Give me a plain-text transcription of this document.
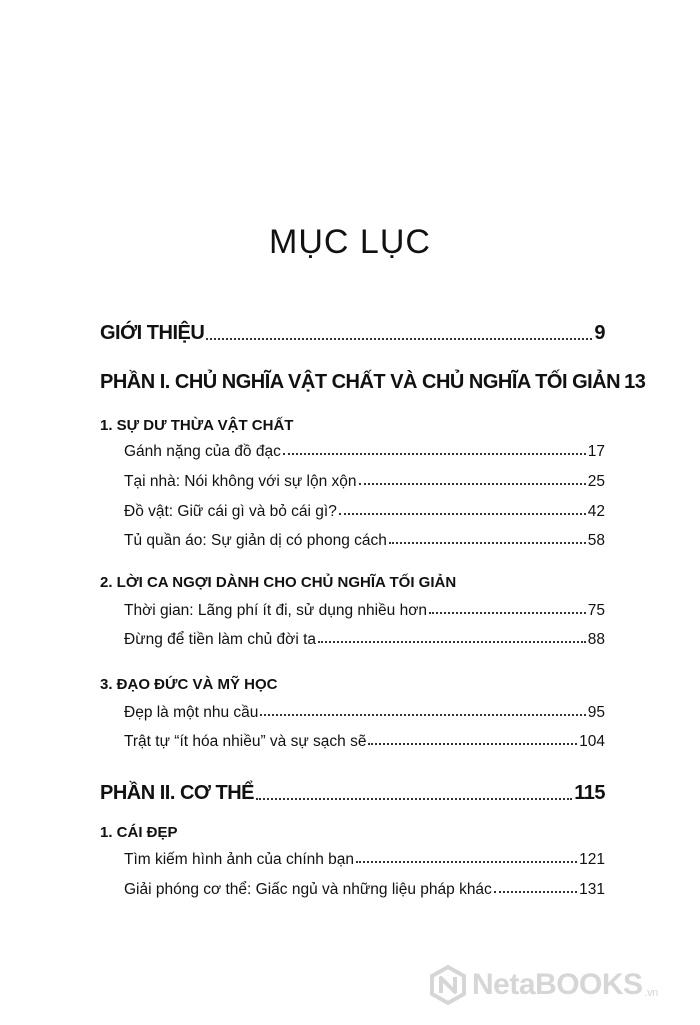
MỤC LỤC
GIỚI THIỆU	9
PHẦN I. CHỦ NGHĨA VẬT CHẤT VÀ CHỦ NGHĨA TỐI GIẢN 13
1. SỰ DƯ THỪA VẬT CHẤT
Gánh nặng của đồ đạc	17
Tại nhà: Nói không với sự lộn xộn	25
Đồ vật: Giữ cái gì và bỏ cái gì?	42
Tủ quần áo: Sự giản dị có phong cách	58
2. LỜI CA NGỢI DÀNH CHO CHỦ NGHĨA TỐI GIẢN
Thời gian: Lãng phí ít đi, sử dụng nhiều hơn	75
Đừng để tiền làm chủ đời ta	88
3. ĐẠO ĐỨC VÀ MỸ HỌC
Đẹp là một nhu cầu	95
Trật tự “ít hóa nhiều” và sự sạch sẽ	104
PHẦN II. CƠ THỂ	115
1. CÁI ĐẸP
Tìm kiếm hình ảnh của chính bạn	121
Giải phóng cơ thể: Giấc ngủ và những liệu pháp khác	131
NetaBOOKS .vn
